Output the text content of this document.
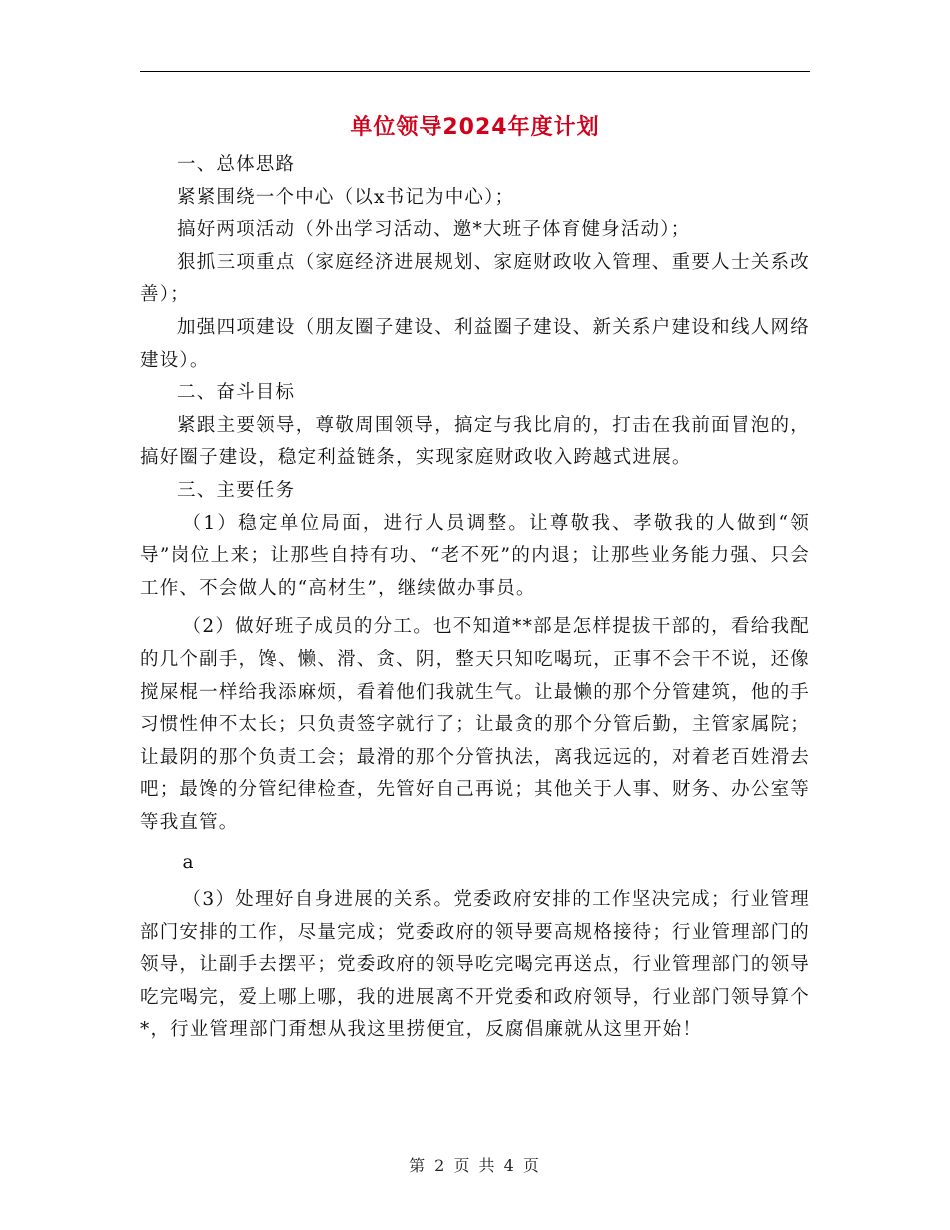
单位领导2024年度计划

一、总体思路

紧紧围绕一个中心（以x书记为中心）；

搞好两项活动（外出学习活动、邀*大班子体育健身活动）；

狠抓三项重点（家庭经济进展规划、家庭财政收入管理、重要人士关系改善）；

加强四项建设（朋友圈子建设、利益圈子建设、新关系户建设和线人网络建设）。

二、奋斗目标

紧跟主要领导，尊敬周围领导，搞定与我比肩的，打击在我前面冒泡的，搞好圈子建设，稳定利益链条，实现家庭财政收入跨越式进展。

三、主要任务

（1）稳定单位局面，进行人员调整。让尊敬我、孝敬我的人做到“领导”岗位上来；让那些自持有功、“老不死”的内退；让那些业务能力强、只会工作、不会做人的“高材生”，继续做办事员。

（2）做好班子成员的分工。也不知道**部是怎样提拔干部的，看给我配的几个副手，馋、懒、滑、贪、阴，整天只知吃喝玩，正事不会干不说，还像搅屎棍一样给我添麻烦，看着他们我就生气。让最懒的那个分管建筑，他的手习惯性伸不太长；只负责签字就行了；让最贪的那个分管后勤，主管家属院；让最阴的那个负责工会；最滑的那个分管执法，离我远远的，对着老百姓滑去吧；最馋的分管纪律检查，先管好自己再说；其他关于人事、财务、办公室等等我直管。

a

（3）处理好自身进展的关系。党委政府安排的工作坚决完成；行业管理部门安排的工作，尽量完成；党委政府的领导要高规格接待；行业管理部门的领导，让副手去摆平；党委政府的领导吃完喝完再送点，行业管理部门的领导吃完喝完，爱上哪上哪，我的进展离不开党委和政府领导，行业部门领导算个*，行业管理部门甭想从我这里捞便宜，反腐倡廉就从这里开始！

第 2 页 共 4 页
